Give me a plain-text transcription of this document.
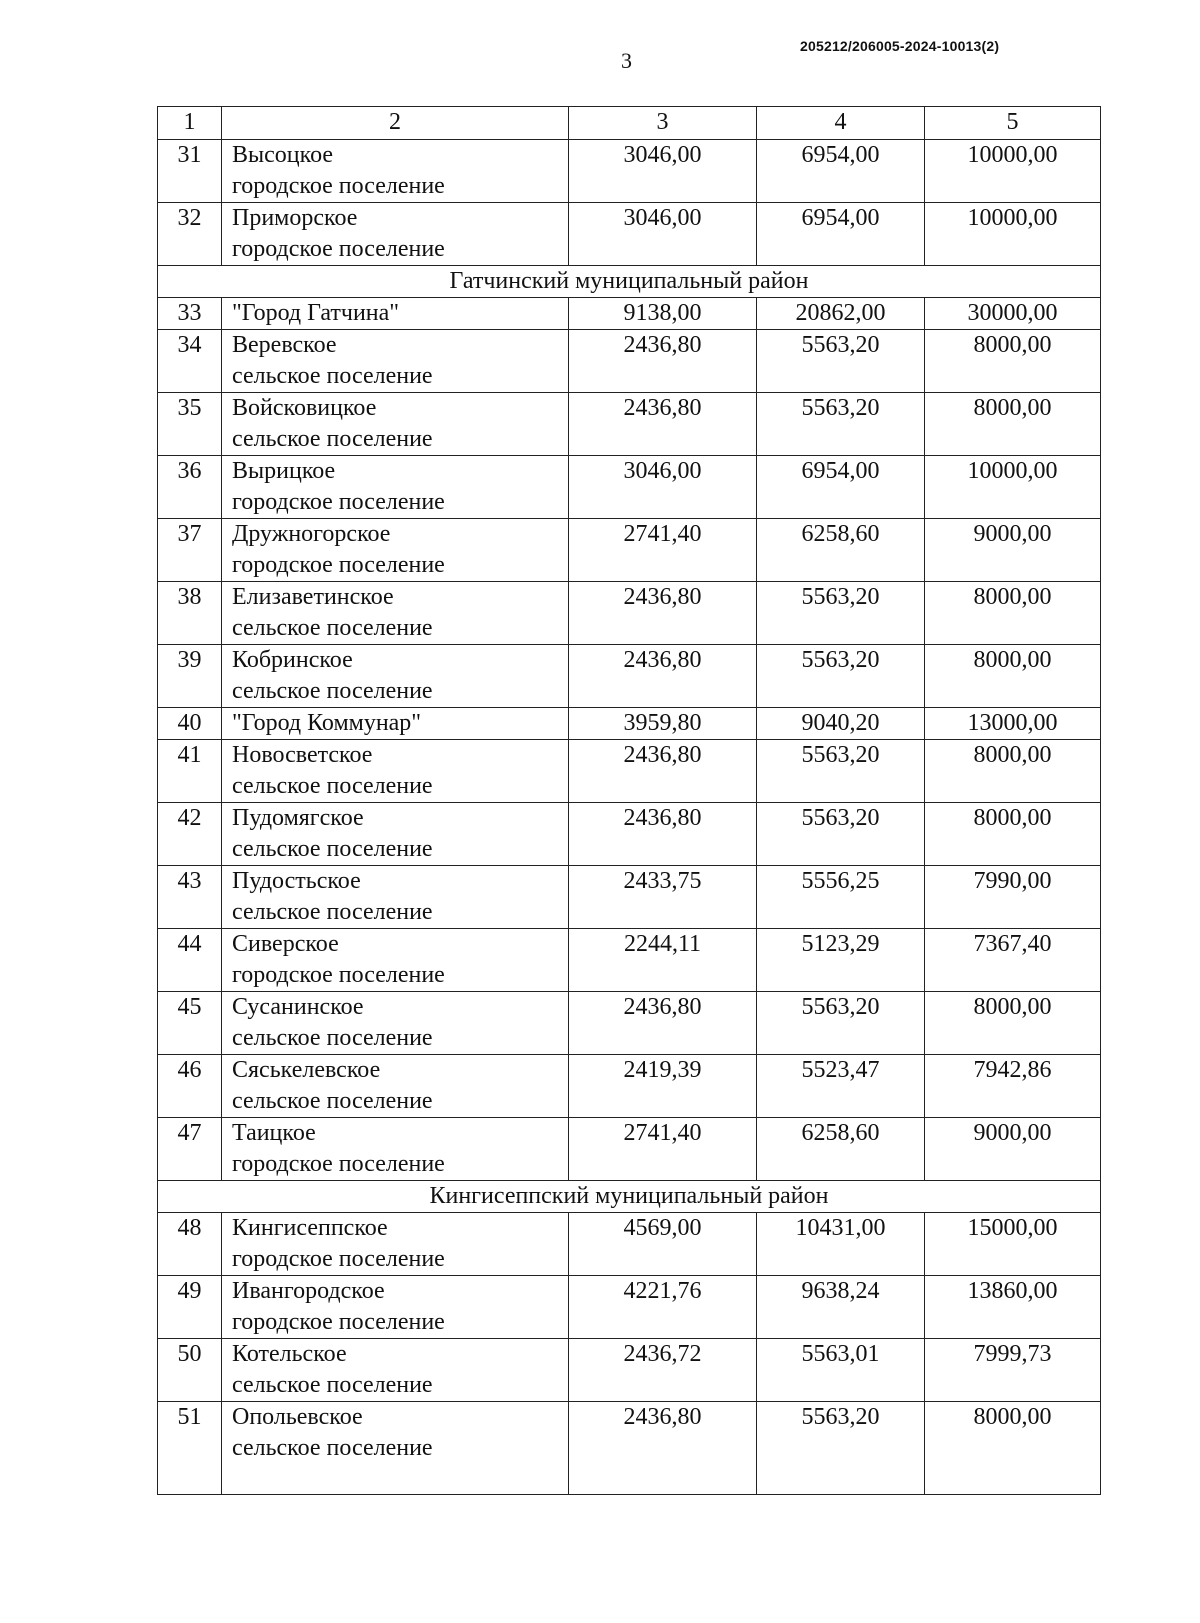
205212/206005-2024-10013(2)
3
1	2	3	4	5
31	Высоцкое
городское поселение	3046,00	6954,00	10000,00
32	Приморское
городское поселение	3046,00	6954,00	10000,00
Гатчинский муниципальный район				
33	"Город Гатчина"	9138,00	20862,00	30000,00
34	Веревское
сельское поселение	2436,80	5563,20	8000,00
35	Войсковицкое
сельское поселение	2436,80	5563,20	8000,00
36	Вырицкое
городское поселение	3046,00	6954,00	10000,00
37	Дружногорское
городское поселение	2741,40	6258,60	9000,00
38	Елизаветинское
сельское поселение	2436,80	5563,20	8000,00
39	Кобринское
сельское поселение	2436,80	5563,20	8000,00
40	"Город Коммунар"	3959,80	9040,20	13000,00
41	Новосветское
сельское поселение	2436,80	5563,20	8000,00
42	Пудомягское
сельское поселение	2436,80	5563,20	8000,00
43	Пудостьское
сельское поселение	2433,75	5556,25	7990,00
44	Сиверское
городское поселение	2244,11	5123,29	7367,40
45	Сусанинское
сельское поселение	2436,80	5563,20	8000,00
46	Сяськелевское
сельское поселение	2419,39	5523,47	7942,86
47	Таицкое
городское поселение	2741,40	6258,60	9000,00
Кингисеппский муниципальный район				
48	Кингисеппское
городское поселение	4569,00	10431,00	15000,00
49	Ивангородское
городское поселение	4221,76	9638,24	13860,00
50	Котельское
сельское поселение	2436,72	5563,01	7999,73
51	Опольевское
сельское поселение	2436,80	5563,20	8000,00
